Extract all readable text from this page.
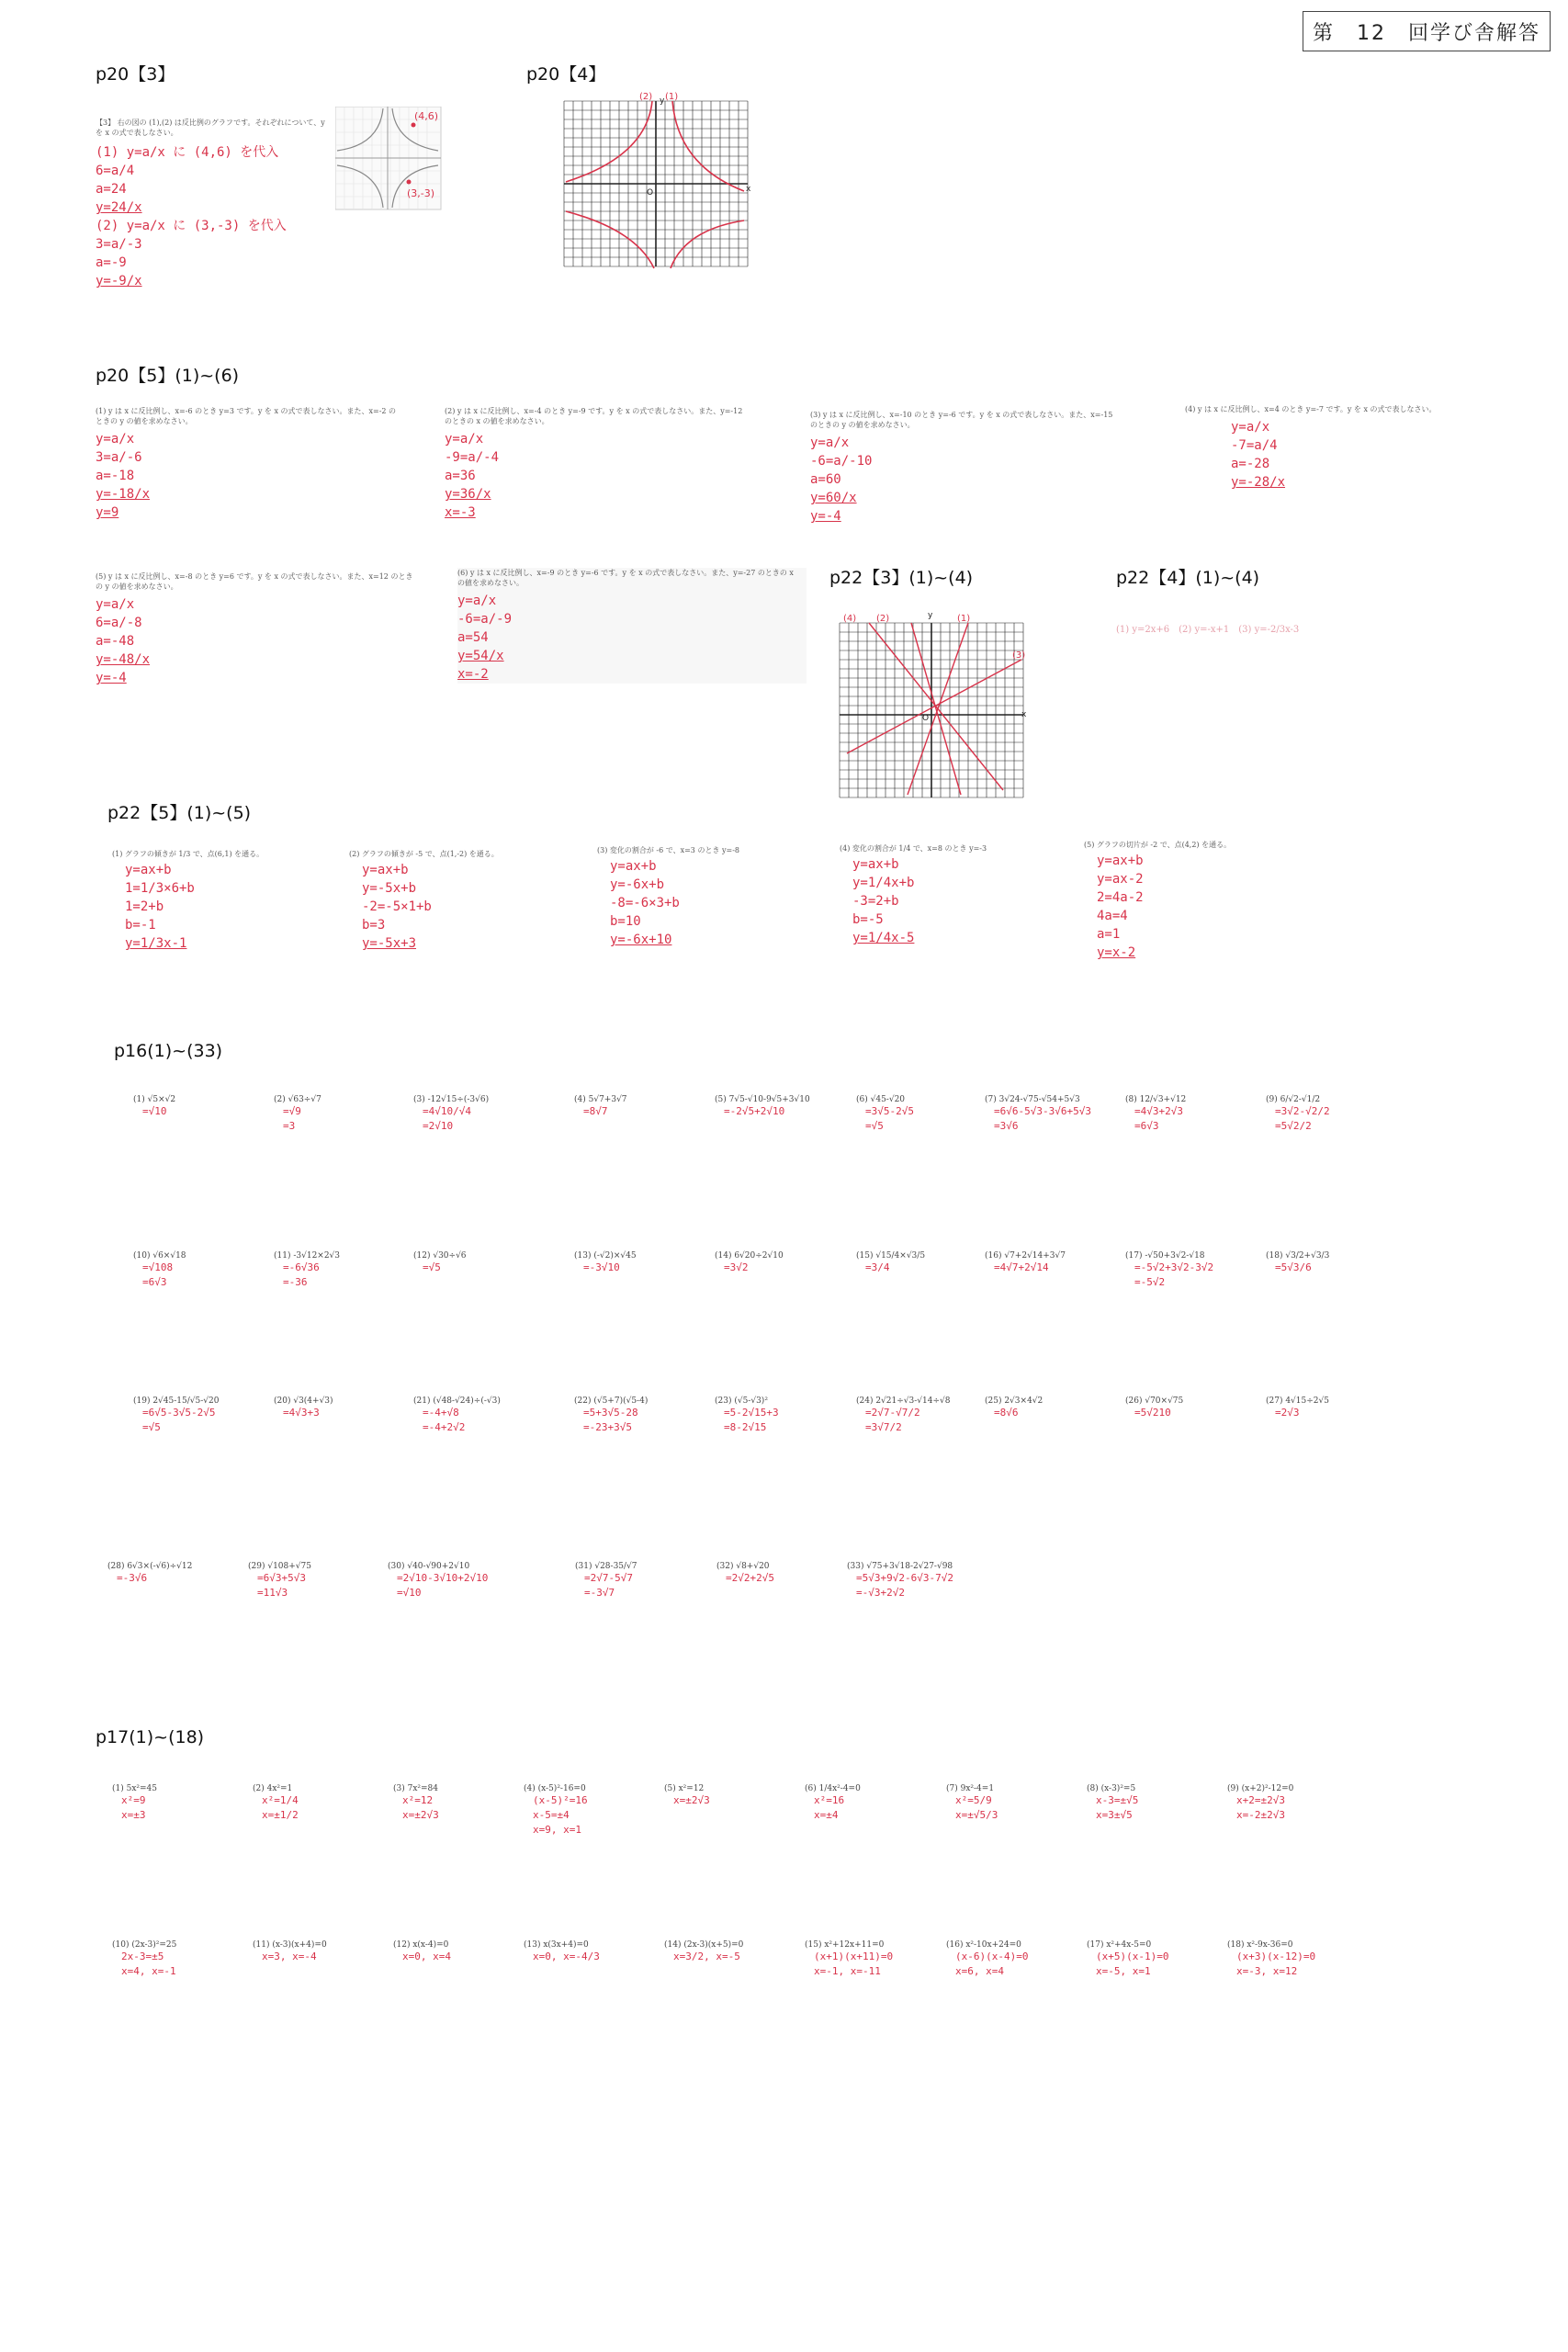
第　12　回学び舎解答
p20【3】	p20【4】
p20【5】(1)~(6)
p22【3】(1)~(4)	p22【4】(1)~(4)
p22【5】(1)~(5)
p16(1)~(33)
p17(1)~(18)
【3】 右の図の (1),(2) は反比例のグラフです。それぞれについて、y を x の式で表しなさい。
(1) y=a/x に (4,6) を代入
6=a/4
a=24
y=24/x
(2) y=a/x に (3,-3) を代入
3=a/-3
a=-9
y=-9/x
(4,6)
(3,-3)
(2) (1)
O	x
y
(1) y は x に反比例し、x=-6 のとき y=3 です。y を x の式で表しなさい。また、x=-2 のときの y の値を求めなさい。
y=a/x
3=a/-6
a=-18
y=-18/x
y=9
(2) y は x に反比例し、x=-4 のとき y=-9 です。y を x の式で表しなさい。また、y=-12 のときの x の値を求めなさい。
y=a/x
-9=a/-4
a=36
y=36/x
x=-3
(3) y は x に反比例し、x=-10 のとき y=-6 です。y を x の式で表しなさい。また、x=-15 のときの y の値を求めなさい。
y=a/x
-6=a/-10
a=60
y=60/x
y=-4
(4) y は x に反比例し、x=4 のとき y=-7 です。y を x の式で表しなさい。
y=a/x
-7=a/4
a=-28
y=-28/x
(5) y は x に反比例し、x=-8 のとき y=6 です。y を x の式で表しなさい。また、x=12 のときの y の値を求めなさい。
y=a/x
6=a/-8
a=-48
y=-48/x
y=-4
(6) y は x に反比例し、x=-9 のとき y=-6 です。y を x の式で表しなさい。また、y=-27 のときの x の値を求めなさい。
y=a/x
-6=a/-9
a=54
y=54/x
x=-2
(4) (2)	(1)
(3)
O	x
y
(1) y=2x+6　(2) y=-x+1　(3) y=-2/3x-3
(1) グラフの傾きが 1/3 で、点(6,1) を通る。
y=ax+b
1=1/3×6+b
1=2+b
b=-1
y=1/3x-1
(2) グラフの傾きが -5 で、点(1,-2) を通る。
y=ax+b
y=-5x+b
-2=-5×1+b
b=3
y=-5x+3
(3) 変化の割合が -6 で、x=3 のとき y=-8
y=ax+b
y=-6x+b
-8=-6×3+b
b=10
y=-6x+10
(4) 変化の割合が 1/4 で、x=8 のとき y=-3
y=ax+b
y=1/4x+b
-3=2+b
b=-5
y=1/4x-5
(5) グラフの切片が -2 で、点(4,2) を通る。
y=ax+b
y=ax-2
2=4a-2
4a=4
a=1
y=x-2
(1) √5×√2
=√10
(2) √63÷√7
=√9
=3
(3) -12√15÷(-3√6)
=4√10/√4
=2√10
(4) 5√7+3√7
=8√7
(5) 7√5-√10-9√5+3√10
=-2√5+2√10
(6) √45-√20
=3√5-2√5
=√5
(7) 3√24-√75-√54+5√3
=6√6-5√3-3√6+5√3
=3√6
(8) 12/√3+√12
=4√3+2√3
=6√3
(9) 6/√2-√1/2
=3√2-√2/2
=5√2/2
(10) √6×√18
=√108
=6√3
(11) -3√12×2√3
=-6√36
=-36
(12) √30÷√6
=√5
(13) (-√2)×√45
=-3√10
(14) 6√20÷2√10
=3√2
(15) √15/4×√3/5
=3/4
(16) √7+2√14+3√7
=4√7+2√14
(17) -√50+3√2-√18
=-5√2+3√2-3√2
=-5√2
(18) √3/2+√3/3
=5√3/6
(19) 2√45-15/√5-√20
=6√5-3√5-2√5
=√5
(20) √3(4+√3)
=4√3+3
(21) (√48-√24)÷(-√3)
=-4+√8
=-4+2√2
(22) (√5+7)(√5-4)
=5+3√5-28
=-23+3√5
(23) (√5-√3)²
=5-2√15+3
=8-2√15
(24) 2√21÷√3-√14÷√8
=2√7-√7/2
=3√7/2
(25) 2√3×4√2
=8√6
(26) √70×√75
=5√210
(27) 4√15÷2√5
=2√3
(28) 6√3×(-√6)÷√12
=-3√6
(29) √108+√75
=6√3+5√3
=11√3
(30) √40-√90+2√10
=2√10-3√10+2√10
=√10
(31) √28-35/√7
=2√7-5√7
=-3√7
(32) √8+√20
=2√2+2√5
(33) √75+3√18-2√27-√98
=5√3+9√2-6√3-7√2
=-√3+2√2
(1) 5x²=45
x²=9
x=±3
(2) 4x²=1
x²=1/4
x=±1/2
(3) 7x²=84
x²=12
x=±2√3
(4) (x-5)²-16=0
(x-5)²=16
x-5=±4
x=9, x=1
(5) x²=12
x=±2√3
(6) 1/4x²-4=0
x²=16
x=±4
(7) 9x²-4=1
x²=5/9
x=±√5/3
(8) (x-3)²=5
x-3=±√5
x=3±√5
(9) (x+2)²-12=0
x+2=±2√3
x=-2±2√3
(10) (2x-3)²=25
2x-3=±5
x=4, x=-1
(11) (x-3)(x+4)=0
x=3, x=-4
(12) x(x-4)=0
x=0, x=4
(13) x(3x+4)=0
x=0, x=-4/3
(14) (2x-3)(x+5)=0
x=3/2, x=-5
(15) x²+12x+11=0
(x+1)(x+11)=0
x=-1, x=-11
(16) x²-10x+24=0
(x-6)(x-4)=0
x=6, x=4
(17) x²+4x-5=0
(x+5)(x-1)=0
x=-5, x=1
(18) x²-9x-36=0
(x+3)(x-12)=0
x=-3, x=12
